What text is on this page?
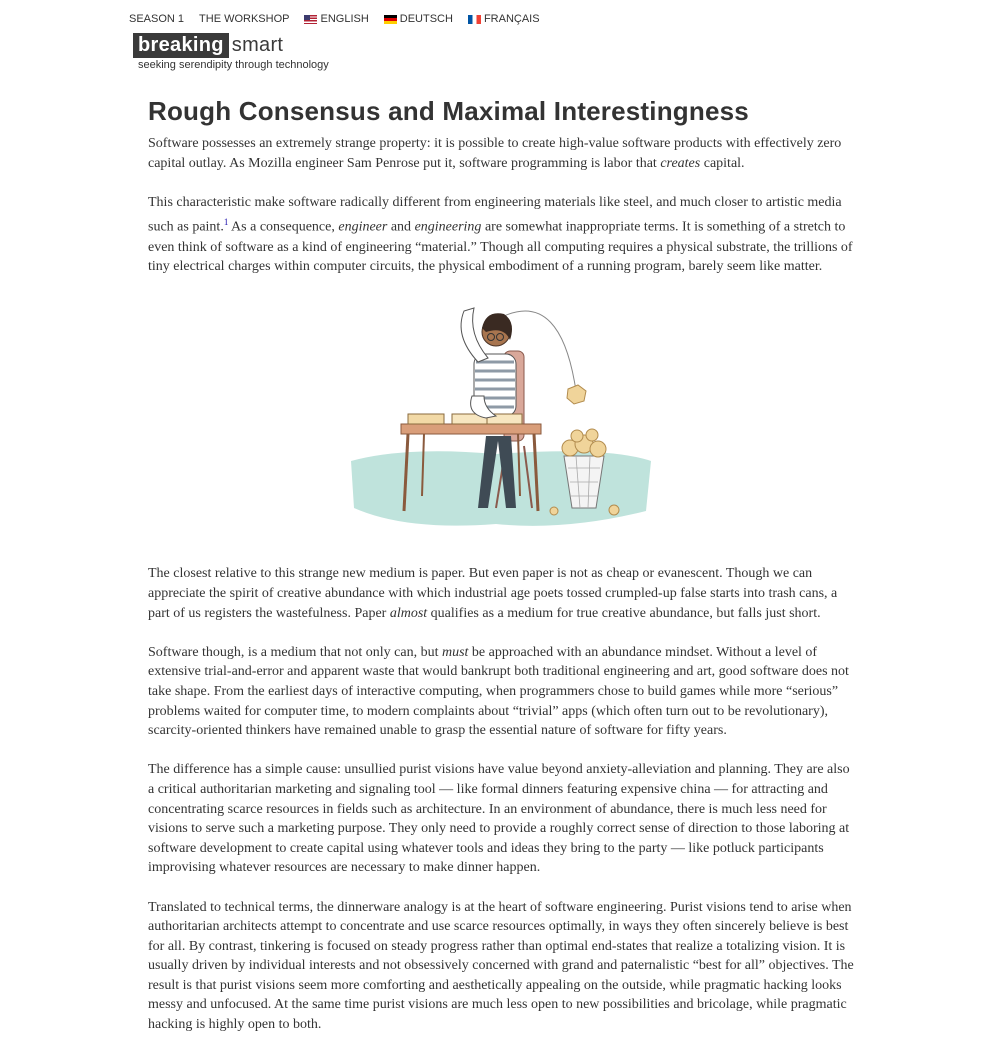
SEASON 1 THE WORKSHOP	ENGLISH	DEUTSCH	FRANÇAIS
breaking smart
seeking serendipity through technology
Rough Consensus and Maximal Interestingness

Software possesses an extremely strange property: it is possible to create high-value software products with effectively zero capital outlay. As Mozilla engineer Sam Penrose put it, software programming is labor that creates capital.

This characteristic make software radically different from engineering materials like steel, and much closer to artistic media such as paint.$^1$ As a consequence, engineer and engineering are somewhat inappropriate terms. It is something of a stretch to even think of software as a kind of engineering “material.” Though all computing requires a physical substrate, the trillions of tiny electrical charges within computer circuits, the physical embodiment of a running program, barely seem like matter.

The closest relative to this strange new medium is paper. But even paper is not as cheap or evanescent. Though we can appreciate the spirit of creative abundance with which industrial age poets tossed crumpled-up false starts into trash cans, a part of us registers the wastefulness. Paper almost qualifies as a medium for true creative abundance, but falls just short.

Software though, is a medium that not only can, but must be approached with an abundance mindset. Without a level of extensive trial-and-error and apparent waste that would bankrupt both traditional engineering and art, good software does not take shape. From the earliest days of interactive computing, when programmers chose to build games while more “serious” problems waited for computer time, to modern complaints about “trivial” apps (which often turn out to be revolutionary), scarcity-oriented thinkers have remained unable to grasp the essential nature of software for fifty years.

The difference has a simple cause: unsullied purist visions have value beyond anxiety-alleviation and planning. They are also a critical authoritarian marketing and signaling tool — like formal dinners featuring expensive china — for attracting and concentrating scarce resources in fields such as architecture. In an environment of abundance, there is much less need for visions to serve such a marketing purpose. They only need to provide a roughly correct sense of direction to those laboring at software development to create capital using whatever tools and ideas they bring to the party — like potluck participants improvising whatever resources are necessary to make dinner happen.

Translated to technical terms, the dinnerware analogy is at the heart of software engineering. Purist visions tend to arise when authoritarian architects attempt to concentrate and use scarce resources optimally, in ways they often sincerely believe is best for all. By contrast, tinkering is focused on steady progress rather than optimal end-states that realize a totalizing vision. It is usually driven by individual interests and not obsessively concerned with grand and paternalistic “best for all” objectives. The result is that purist visions seem more comforting and aesthetically appealing on the outside, while pragmatic hacking looks messy and unfocused. At the same time purist visions are much less open to new possibilities and bricolage, while pragmatic hacking is highly open to both.
